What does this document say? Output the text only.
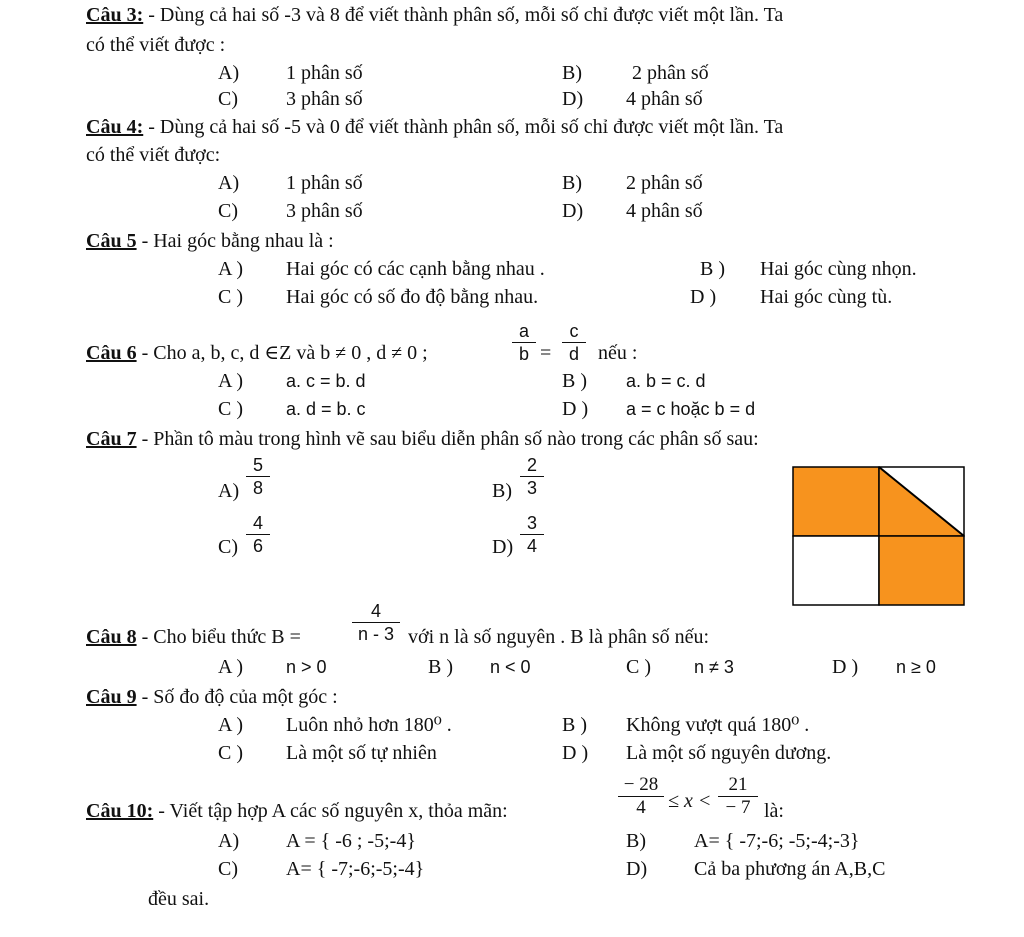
Câu 3: - Dùng cả hai số -3 và 8 để viết thành phân số, mỗi số chỉ được viết một lần. Ta
có thể viết được :
A) 1 phân số	B)	2 phân số
C) 3 phân số	D) 4 phân số
Câu 4: - Dùng cả hai số -5 và 0 để viết thành phân số, mỗi số chỉ được viết một lần. Ta
có thể viết được:
A) 1 phân số	B) 2 phân số
C) 3 phân số	D) 4 phân số
Câu 5 - Hai góc bằng nhau là :
A ) Hai góc có các cạnh bằng nhau .	B ) Hai góc cùng nhọn.
C ) Hai góc có số đo độ bằng nhau.	D ) Hai góc cùng tù.
Câu 6 - Cho a, b, c, d ∈Z và b ≠ 0 , d ≠ 0 ;	$\frac{a}{b} = \frac{c}{d}$ nếu :
A ) a. c = b. d	B ) a. b = c. d
C ) a. d = b. c	D ) a = c hoặc b = d
Câu 7 - Phần tô màu trong hình vẽ sau biểu diễn phân số nào trong các phân số sau:
$A) \frac{5}{8}$	$B) \frac{2}{3}$
$C) \frac{4}{6}$	$D) \frac{3}{4}$
Câu 8 - Cho biểu thức B =	$\frac{4}{n - 3}$ với n là số nguyên . B là phân số nếu:
A ) n > 0	B ) n < 0	C ) n ≠ 3	D ) n ≥ 0
Câu 9 - Số đo độ của một góc :
A ) Luôn nhỏ hơn 180⁰ .	B ) Không vượt quá 180⁰ .
C ) Là một số tự nhiên	D ) Là một số nguyên dương.
Câu 10: - Viết tập hợp A các số nguyên x, thỏa mãn:	$\frac{- 28}{4} \le x < \frac{21}{- 7}$ là:
A) A = { -6 ; -5;-4}	B) A= { -7;-6; -5;-4;-3}
C) A= { -7;-6;-5;-4}	D) Cả ba phương án A,B,C
đều sai.
